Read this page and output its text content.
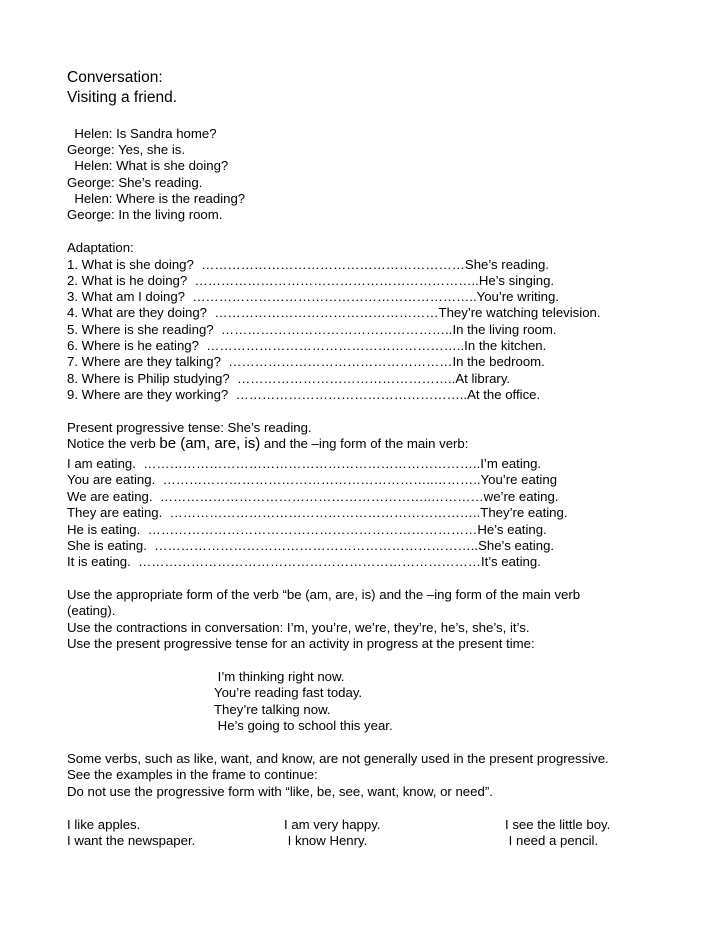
Conversation:
Visiting a friend.
Helen: Is Sandra home?
George: Yes, she is.
Helen: What is she doing?
George: She’s reading.
Helen: Where is the reading?
George: In the living room.
Adaptation:
1. What is she doing?  ……………………………………………………She’s reading.
2. What is he doing?  ………………………………………………………..He’s singing.
3. What am I doing?  ………………………………………………………..You’re writing.
4. What are they doing?  ……………………………………………They’re watching television.
5. Where is she reading?  ……………………………………………..In the living room.
6. Where is he eating?  …………………………………………………..In the kitchen.
7. Where are they talking?  ……………………………………………In the bedroom.
8. Where is Philip studying?  …………………………………………..At library.
9. Where are they working?  ……………………………………………..At the office.
Present progressive tense: She’s reading.
Notice the verb be (am, are, is) and the –ing form of the main verb:
I am eating.  …………………………………………………………………..I’m eating.
You are eating.  ……………………………………………………..………..You’re eating
We are eating.  ……………………………………………………..…………we’re eating.
They are eating.  ……………………………………………………………..They’re eating.
He is eating.  …………………………………………………………………He’s eating.
She is eating.  ………………………………………………………………..She’s eating.
It is eating.  ……………………………………………………………………It’s eating.
Use the appropriate form of the verb “be (am, are, is) and the –ing form of the main verb
(eating).
Use the contractions in conversation: I’m, you’re, we’re, they’re, he’s, she’s, it’s.
Use the present progressive tense for an activity in progress at the present time:
I’m thinking right now.
You’re reading fast today.
They’re talking now.
He’s going to school this year.
Some verbs, such as like, want, and know, are not generally used in the present progressive.
See the examples in the frame to continue:
Do not use the progressive form with “like, be, see, want, know, or need”.
I like apples.	I am very happy.	I see the little boy.
I want the newspaper.	I know Henry.	I need a pencil.
